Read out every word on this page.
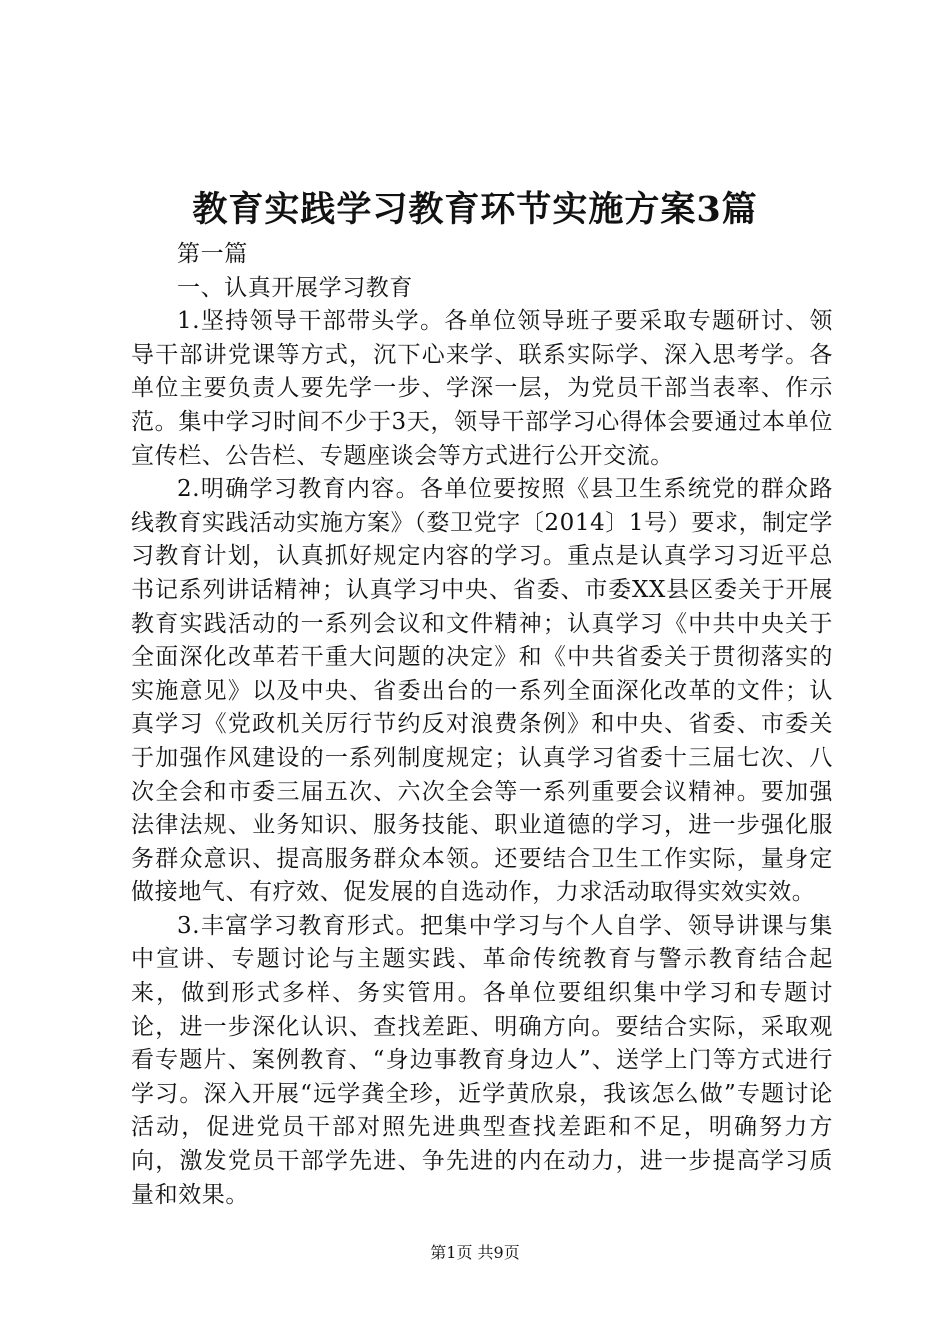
教育实践学习教育环节实施方案3篇

第一篇

一、认真开展学习教育

1.坚持领导干部带头学。各单位领导班子要采取专题研讨、领导干部讲党课等方式，沉下心来学、联系实际学、深入思考学。各单位主要负责人要先学一步、学深一层，为党员干部当表率、作示范。集中学习时间不少于3天，领导干部学习心得体会要通过本单位宣传栏、公告栏、专题座谈会等方式进行公开交流。

2.明确学习教育内容。各单位要按照《县卫生系统党的群众路线教育实践活动实施方案》（婺卫党字〔2014〕1号）要求，制定学习教育计划，认真抓好规定内容的学习。重点是认真学习习近平总书记系列讲话精神；认真学习中央、省委、市委XX县区委关于开展教育实践活动的一系列会议和文件精神；认真学习《中共中央关于全面深化改革若干重大问题的决定》和《中共省委关于贯彻落实的实施意见》以及中央、省委出台的一系列全面深化改革的文件；认真学习《党政机关厉行节约反对浪费条例》和中央、省委、市委关于加强作风建设的一系列制度规定；认真学习省委十三届七次、八次全会和市委三届五次、六次全会等一系列重要会议精神。要加强法律法规、业务知识、服务技能、职业道德的学习，进一步强化服务群众意识、提高服务群众本领。还要结合卫生工作实际，量身定做接地气、有疗效、促发展的自选动作，力求活动取得实效实效。

3.丰富学习教育形式。把集中学习与个人自学、领导讲课与集中宣讲、专题讨论与主题实践、革命传统教育与警示教育结合起来，做到形式多样、务实管用。各单位要组织集中学习和专题讨论，进一步深化认识、查找差距、明确方向。要结合实际，采取观看专题片、案例教育、“身边事教育身边人”、送学上门等方式进行学习。深入开展“远学龚全珍，近学黄欣泉，我该怎么做”专题讨论活动，促进党员干部对照先进典型查找差距和不足，明确努力方向，激发党员干部学先进、争先进的内在动力，进一步提高学习质量和效果。

第1页 共9页
